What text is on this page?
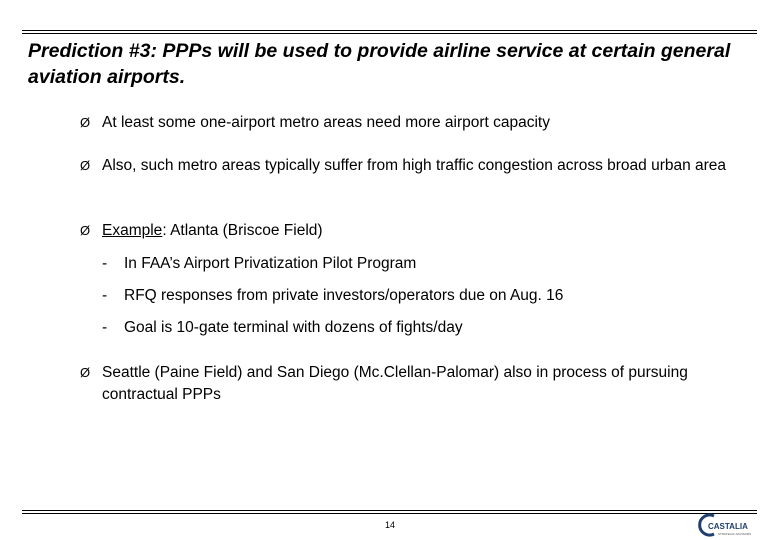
Prediction #3: PPPs will be used to provide airline service at certain general aviation airports.
Ø At least some one-airport metro areas need more airport capacity
Ø Also, such metro areas typically suffer from high traffic congestion across broad urban area
Ø Example: Atlanta (Briscoe Field)
- In FAA’s Airport Privatization Pilot Program
- RFQ responses from private investors/operators due on Aug. 16
- Goal is 10-gate terminal with dozens of fights/day
Ø Seattle (Paine Field) and San Diego (Mc.Clellan-Palomar) also in process of pursuing contractual PPPs
14	CASTALIA
STRATEGIC ADVISORS
